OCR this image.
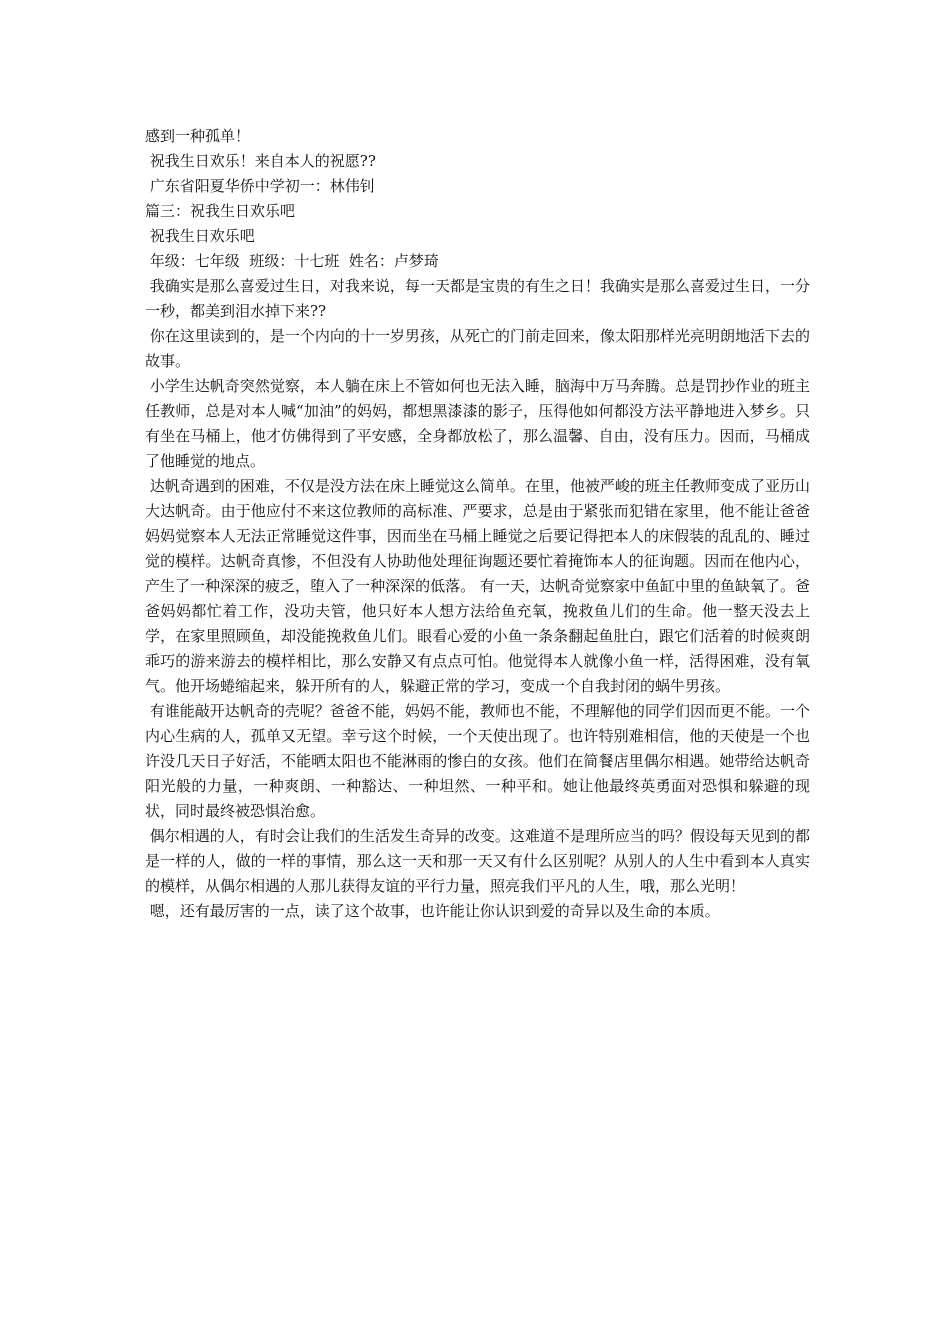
感到一种孤单！

祝我生日欢乐！来自本人的祝愿??

广东省阳夏华侨中学初一：林伟钊

篇三：祝我生日欢乐吧

祝我生日欢乐吧

年级：七年级  班级：十七班  姓名：卢梦琦

我确实是那么喜爱过生日，对我来说，每一天都是宝贵的有生之日！我确实是那么喜爱过生日，一分一秒，都美到泪水掉下来??

你在这里读到的，是一个内向的十一岁男孩，从死亡的门前走回来，像太阳那样光亮明朗地活下去的故事。

小学生达帆奇突然觉察，本人躺在床上不管如何也无法入睡，脑海中万马奔腾。总是罚抄作业的班主任教师，总是对本人喊“加油”的妈妈，都想黑漆漆的影子，压得他如何都没方法平静地进入梦乡。只有坐在马桶上，他才仿佛得到了平安感，全身都放松了，那么温馨、自由，没有压力。因而，马桶成了他睡觉的地点。

达帆奇遇到的困难，不仅是没方法在床上睡觉这么简单。在里，他被严峻的班主任教师变成了亚历山大达帆奇。由于他应付不来这位教师的高标准、严要求，总是由于紧张而犯错在家里，他不能让爸爸妈妈觉察本人无法正常睡觉这件事，因而坐在马桶上睡觉之后要记得把本人的床假装的乱乱的、睡过觉的模样。达帆奇真惨，不但没有人协助他处理征询题还要忙着掩饰本人的征询题。因而在他内心，产生了一种深深的疲乏，堕入了一种深深的低落。 有一天，达帆奇觉察家中鱼缸中里的鱼缺氧了。爸爸妈妈都忙着工作，没功夫管，他只好本人想方法给鱼充氧，挽救鱼儿们的生命。他一整天没去上学，在家里照顾鱼，却没能挽救鱼儿们。眼看心爱的小鱼一条条翻起鱼肚白，跟它们活着的时候爽朗乖巧的游来游去的模样相比，那么安静又有点点可怕。他觉得本人就像小鱼一样，活得困难，没有氧气。他开场蜷缩起来，躲开所有的人，躲避正常的学习，变成一个自我封闭的蜗牛男孩。

有谁能敲开达帆奇的壳呢？爸爸不能，妈妈不能，教师也不能，不理解他的同学们因而更不能。一个内心生病的人，孤单又无望。幸亏这个时候，一个天使出现了。也许特别难相信，他的天使是一个也许没几天日子好活，不能晒太阳也不能淋雨的惨白的女孩。他们在简餐店里偶尔相遇。她带给达帆奇阳光般的力量，一种爽朗、一种豁达、一种坦然、一种平和。她让他最终英勇面对恐惧和躲避的现状，同时最终被恐惧治愈。

偶尔相遇的人，有时会让我们的生活发生奇异的改变。这难道不是理所应当的吗？假设每天见到的都是一样的人，做的一样的事情，那么这一天和那一天又有什么区别呢？从别人的人生中看到本人真实的模样，从偶尔相遇的人那儿获得友谊的平行力量，照亮我们平凡的人生，哦，那么光明！

嗯，还有最厉害的一点，读了这个故事，也许能让你认识到爱的奇异以及生命的本质。
